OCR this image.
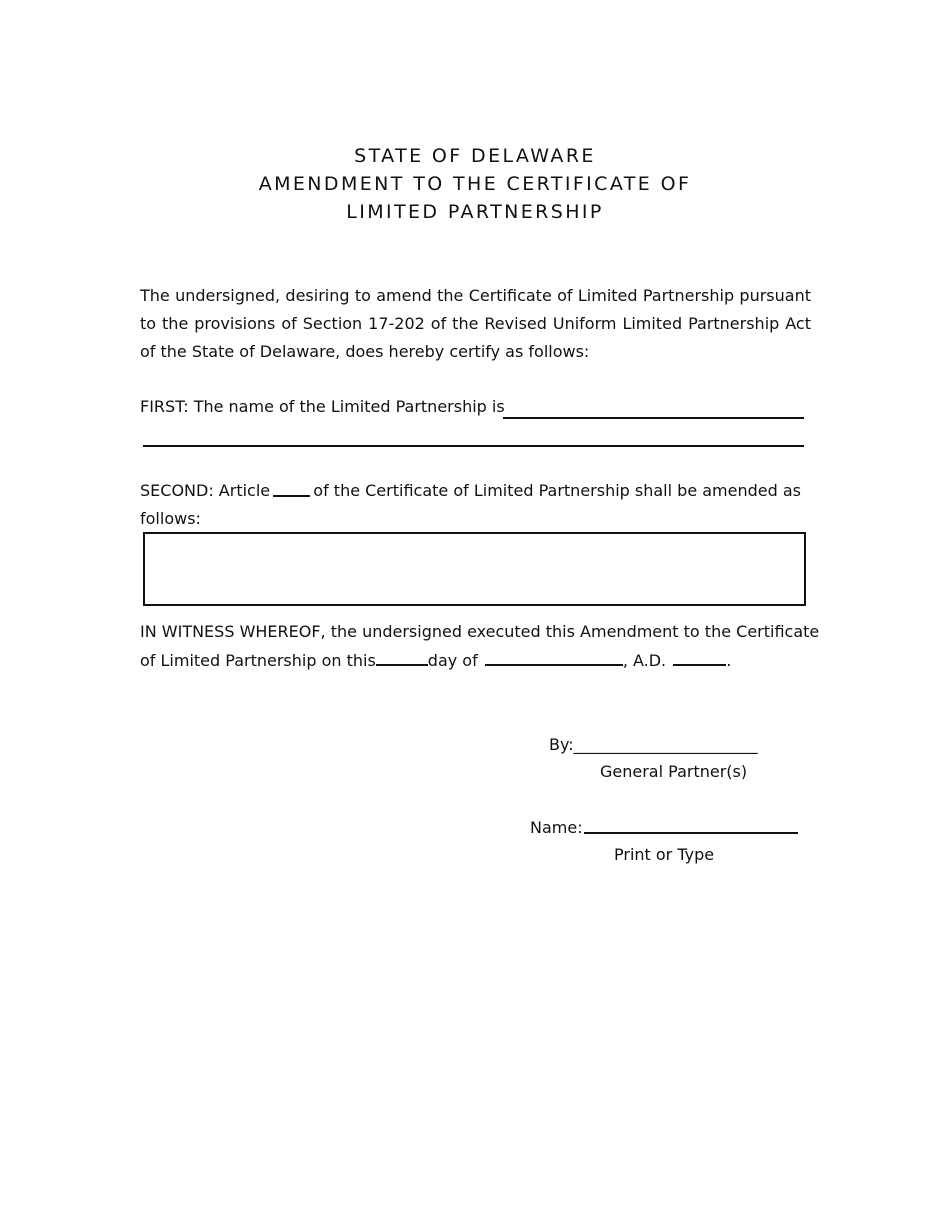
STATE OF DELAWARE
AMENDMENT TO THE CERTIFICATE OF
LIMITED PARTNERSHIP
The undersigned, desiring to amend the Certificate of Limited Partnership pursuant to the provisions of Section 17-202 of the Revised Uniform Limited Partnership Act of the State of Delaware, does hereby certify as follows:
FIRST: The name of the Limited Partnership is
SECOND: Article	of the Certificate of Limited Partnership shall be amended as
follows:
IN WITNESS WHEREOF, the undersigned executed this Amendment to the Certificate
of Limited Partnership on this	day of	, A.D.	.
By:_______________________
General Partner(s)
Name:
Print or Type
